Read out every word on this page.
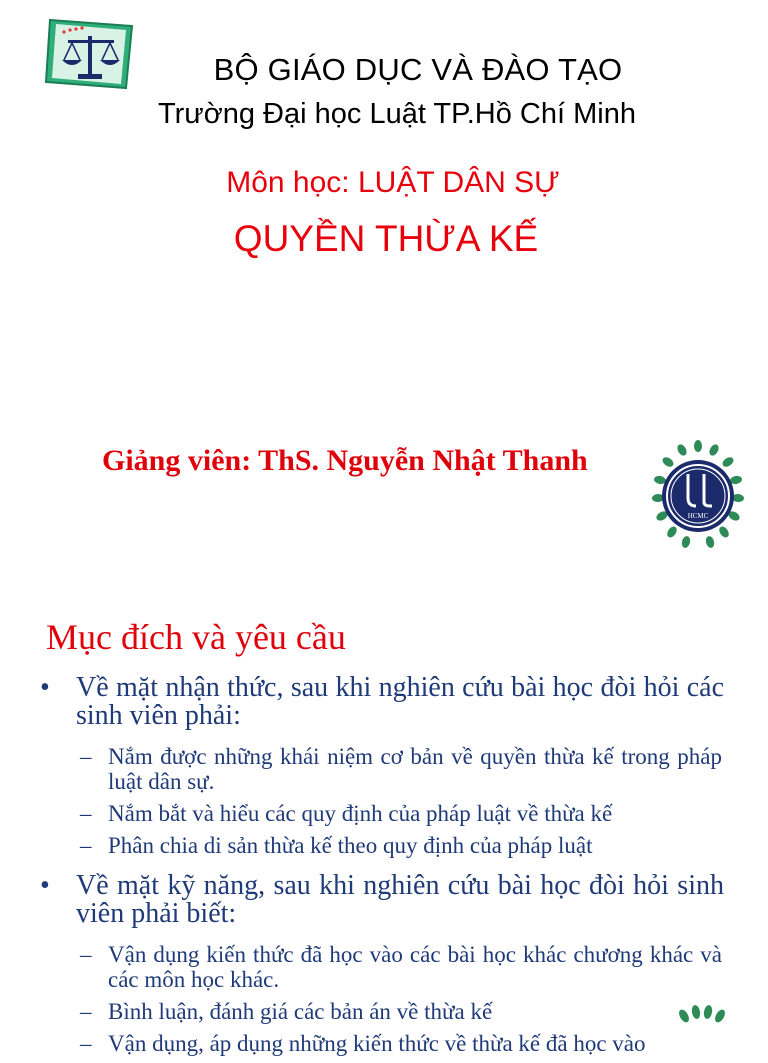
BỘ GIÁO DỤC VÀ ĐÀO TẠO
Trường Đại học Luật TP.Hồ Chí Minh
Môn học: LUẬT DÂN SỰ
QUYỀN THỪA KẾ
Giảng viên: ThS. Nguyễn Nhật Thanh
HCMC
Mục đích và yêu cầu
• Về mặt nhận thức, sau khi nghiên cứu bài học đòi hỏi các sinh viên phải:
– Nắm được những khái niệm cơ bản về quyền thừa kế trong pháp luật dân sự.
– Nắm bắt và hiểu các quy định của pháp luật về thừa kế
– Phân chia di sản thừa kế theo quy định của pháp luật
• Về mặt kỹ năng, sau khi nghiên cứu bài học đòi hỏi sinh viên phải biết:
– Vận dụng kiến thức đã học vào các bài học khác chương khác và các môn học khác.
– Bình luận, đánh giá các bản án về thừa kế
– Vận dụng, áp dụng những kiến thức về thừa kế đã học vào
